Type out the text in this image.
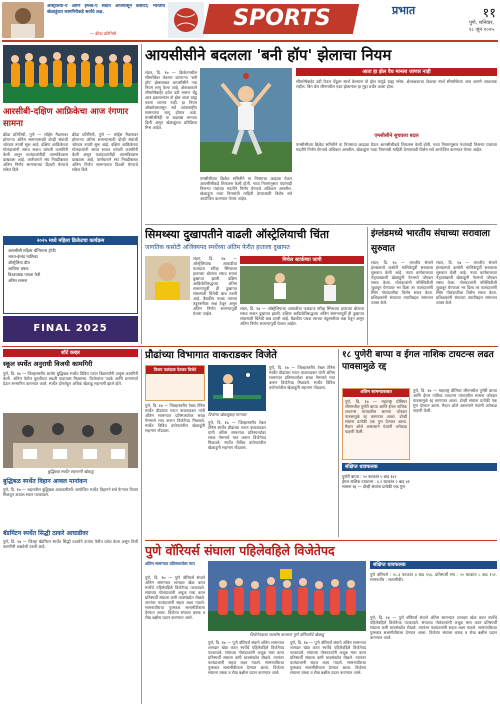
ऑस्ट्रेलिया-ए आणि इंग्लंड-ए संघांत आजपासून कसोटी; भारतीय खेळाडूंच्या कामगिरीकडे सर्वांचे लक्ष.
— क्रीडा प्रतिनिधी
SPORTS	प्रभात	११
पुणे, शनिवार,
१८ जून २०२५
आरसीबी-दक्षिण आफ्रिकेचा आज रंगणार सामना
क्रीडा प्रतिनिधी, पुणे — लॉर्ड्स मैदानावर होणाऱ्या अंतिम सामन्यासाठी दोन्ही संघांची जोरदार तयारी सुरू आहे. दक्षिण आफ्रिकेच्या गोलंदाजांनी सराव सत्रात चांगली कामगिरी केली असून फलंदाजांनीही आत्मविश्वास दाखवला आहे. कर्णधाराने संघ निवडीबाबत अंतिम निर्णय सामन्याच्या दिवशी घेण्याचे संकेत दिले.
क्रीडा प्रतिनिधी, पुणे — लॉर्ड्स मैदानावर होणाऱ्या अंतिम सामन्यासाठी दोन्ही संघांची जोरदार तयारी सुरू आहे. दक्षिण आफ्रिकेच्या गोलंदाजांनी सराव सत्रात चांगली कामगिरी केली असून फलंदाजांनीही आत्मविश्वास दाखवला आहे. कर्णधाराने संघ निवडीबाबत अंतिम निर्णय सामन्याच्या दिवशी घेण्याचे संकेत दिले.
२०२५ मध्ये महिला क्रिकेटचा कार्यक्रम
आयसीसी महिला चॅम्पियन्स ट्रॉफी
भारत-इंग्लंड मालिका
ऑस्ट्रेलिया दौरा
आशिया चषक
विश्वचषक पात्रता फेरी
अंतिम सामना
FINAL 2025
आयसीसीने बदलला 'बनी हॉप' झेलाचा नियम
लंडन, दि. १७ — क्रिकेटमधील सीमारेषेवर घेतल्या जाणाऱ्या 'बनी हॉप' झेलाबाबत आयसीसीने नवा नियम लागू केला आहे. क्षेत्ररक्षकाने सीमारेषेबाहेर हवेत उडी मारून चेंडू आत ढकलल्यास तो झेल आता ग्राह्य धरला जाणार नाही. हा नियम ऑक्टोबरपासून सर्व आंतरराष्ट्रीय सामन्यांना लागू होणार आहे. एमसीसीनेही या बदलास मान्यता दिली असून खेळाडूंच्या प्रतिक्रिया मिश्र आहेत.
आता हा झेल वैध मानला जाणार नाही
सीमारेषेबाहेर उडी घेऊन चेंडूला स्पर्श केल्यास तो झेल यापुढे ग्राह्य नसेल. क्षेत्ररक्षकाचा शेवटचा स्पर्श सीमारेषेच्या आत असणे आवश्यक राहील. बिग बॅश लीगमधील एका झेलानंतर हा मुद्दा चर्चेत आला होता.
एमसीसीने सुचवला बदल
एमसीसीच्या क्रिकेट समितीने या नियमाचा आढावा घेऊन आयसीसीकडे शिफारस केली होती. नव्या नियमांनुसार पंचांनाही तिसऱ्या पंचांच्या मदतीने निर्णय घेण्याचे अधिकार असतील. खेळाडूंना नव्या नियमांची माहिती देण्यासाठी विशेष सत्रे आयोजित करण्यात येणार आहेत.
एमसीसीच्या क्रिकेट समितीने या नियमाचा आढावा घेऊन आयसीसीकडे शिफारस केली होती. नव्या नियमांनुसार पंचांनाही तिसऱ्या पंचांच्या मदतीने निर्णय घेण्याचे अधिकार असतील. खेळाडूंना नव्या नियमांची माहिती देण्यासाठी विशेष सत्रे आयोजित करण्यात येणार आहेत.
सिमथ्स्या दुखापतीने वाढली ऑस्ट्रेलियाची चिंता
जागतिक कसोटी अजिंक्यपद स्पर्धेच्या अंतिम फेरीत हाताला दुखापत
लंडन, दि. १७ — ऑस्ट्रेलियाचा आघाडीचा फलंदाज स्टीव्ह स्मिथच्या हाताच्या बोटाला सराव सत्रात दुखापत झाली. दक्षिण आफ्रिकेविरुद्धच्या अंतिम सामन्यापूर्वी ही दुखापत संघासाठी चिंतेची बाब ठरली आहे. वैद्यकीय पथक त्याच्या तंदुरुस्तीवर लक्ष ठेवून असून अंतिम निर्णय सामन्यापूर्वी घेतला जाईल.
मिचेल स्टार्कच्या जागी
लंडन, दि. १७ — ऑस्ट्रेलियाचा आघाडीचा फलंदाज स्टीव्ह स्मिथच्या हाताच्या बोटाला सराव सत्रात दुखापत झाली. दक्षिण आफ्रिकेविरुद्धच्या अंतिम सामन्यापूर्वी ही दुखापत संघासाठी चिंतेची बाब ठरली आहे. वैद्यकीय पथक त्याच्या तंदुरुस्तीवर लक्ष ठेवून असून अंतिम निर्णय सामन्यापूर्वी घेतला जाईल.
इंग्लंडमध्ये भारतीय संघाच्या सरावाला सुरुवात
लंडन, दि. १७ — भारतीय संघाने इंग्लंडमध्ये कसोटी मालिकेपूर्वी सरावाला सुरुवात केली आहे. नव्या कर्णधाराच्या नेतृत्वाखाली खेळाडूंनी नेटमध्ये जोरदार सराव केला. गोलंदाजांनी परिस्थितीशी जुळवून घेण्यावर भर दिला तर फलंदाजांनी स्विंग गोलंदाजीचा विशेष सराव केला. प्रशिक्षकांनी संघाच्या तयारीबद्दल समाधान व्यक्त केले.
लंडन, दि. १७ — भारतीय संघाने इंग्लंडमध्ये कसोटी मालिकेपूर्वी सरावाला सुरुवात केली आहे. नव्या कर्णधाराच्या नेतृत्वाखाली खेळाडूंनी नेटमध्ये जोरदार सराव केला. गोलंदाजांनी परिस्थितीशी जुळवून घेण्यावर भर दिला तर फलंदाजांनी स्विंग गोलंदाजीचा विशेष सराव केला. प्रशिक्षकांनी संघाच्या तयारीबद्दल समाधान व्यक्त केले.
शॉर्ट कव्हर
स्कूल स्पर्धेत अनुराधी विजयी कामगिरी
पुणे, दि. १७ — जिल्हास्तरीय शालेय बुद्धिबळ स्पर्धेत विविध गटांत विद्यार्थ्यांनी उत्कृष्ट कामगिरी केली. अंतिम फेरीत चुरशीच्या लढती पाहायला मिळाल्या. विजेत्यांना पदके आणि प्रमाणपत्रे देऊन सन्मानित करण्यात आले. स्पर्धेत दोनशेहून अधिक खेळाडू सहभागी झाले होते.
बुद्धिबळ स्पर्धेत सहभागी खेळाडू
बुद्धिबळ स्पर्धेत विहान अव्वल मानांकन
पुणे, दि. १७ — शहरातील बुद्धिबळ अकादमीतर्फे आयोजित स्पर्धेत विहानने सर्व फेऱ्यांत विजय मिळवून अव्वल स्थान पटकावले.
बॅडमिंटन स्पर्धेत सिद्धी ठाकरे आघाडीवर
पुणे, दि. १७ — जिल्हा बॅडमिंटन स्पर्धेत सिद्धी ठाकरेने उपांत्य फेरीत प्रवेश केला असून तिची कामगिरी लक्षवेधी ठरली आहे.
प्रौढांच्या विभागात वाकराडकर विजेते
विजय फलंदाज पेठकर विजेते
पुणे, दि. १७ — जिल्हास्तरीय टेबल टेनिस स्पर्धेत प्रौढांच्या गटात वाकराडकर यांनी अंतिम सामन्यात प्रतिस्पर्ध्यावर सरळ गेममध्ये मात करून विजेतेपद मिळवले. स्पर्धेत विविध वयोगटांतील खेळाडूंनी सहभाग नोंदवला.
विजेत्या खेळाडूंसह मान्यवर
पुणे, दि. १७ — जिल्हास्तरीय टेबल टेनिस स्पर्धेत प्रौढांच्या गटात वाकराडकर यांनी अंतिम सामन्यात प्रतिस्पर्ध्यावर सरळ गेममध्ये मात करून विजेतेपद मिळवले. स्पर्धेत विविध वयोगटांतील खेळाडूंनी सहभाग नोंदवला.
पुणे, दि. १७ — जिल्हास्तरीय टेबल टेनिस स्पर्धेत प्रौढांच्या गटात वाकराडकर यांनी अंतिम सामन्यात प्रतिस्पर्ध्यावर सरळ गेममध्ये मात करून विजेतेपद मिळवले. स्पर्धेत विविध वयोगटांतील खेळाडूंनी सहभाग नोंदवला.
१८ पुणेरी बाप्पा व ईगल नाशिक टायटन्स लढत पावसामुळे रद्द
अंतिम सामन्याबाबत
पुणे, दि. १७ — महाराष्ट्र प्रीमियर लीगमधील पुणेरी बाप्पा आणि ईगल नाशिक टायटन्स यांच्यातील सामना जोरदार पावसामुळे रद्द करण्यात आला. दोन्ही संघांना प्रत्येकी एक गुण देण्यात आला. मैदान ओले असल्याने पंचांनी अनेकदा पाहणी केली.
पुणे, दि. १७ — महाराष्ट्र प्रीमियर लीगमधील पुणेरी बाप्पा आणि ईगल नाशिक टायटन्स यांच्यातील सामना जोरदार पावसामुळे रद्द करण्यात आला. दोन्ही संघांना प्रत्येकी एक गुण देण्यात आला. मैदान ओले असल्याने पंचांनी अनेकदा पाहणी केली.
संक्षिप्त धावफलक
पुणेरी बाप्पा : २० षटकांत ५ बाद १४२
ईगल नाशिक टायटन्स : ६.२ षटकांत २ बाद ४१
सामना रद्द — दोन्ही संघांना प्रत्येकी एक गुण
पुणे वॉरियर्स संघाला पहिलेवहिले विजेतेपद
अंतिम सामन्यात प्रतिस्पर्ध्यावर मात
पुणे, दि. १७ — पुणे वॉरियर्स संघाने अंतिम सामन्यात शानदार खेळ करत स्पर्धेचे पहिलेवहिले विजेतेपद पटकावले. संघाच्या गोलंदाजांनी अचूक मारा करत प्रतिस्पर्धी संघाला कमी धावसंख्येत रोखले. त्यानंतर फलंदाजांनी सहज लक्ष्य गाठले. सामनावीराचा पुरस्कार सलामीवीराला देण्यात आला. विजेत्या संघाला चषक व रोख बक्षीस प्रदान करण्यात आले.
विजेतेपदाचा जल्लोष करताना पुणे वॉरियर्सचे खेळाडू
पुणे, दि. १७ — पुणे वॉरियर्स संघाने अंतिम सामन्यात शानदार खेळ करत स्पर्धेचे पहिलेवहिले विजेतेपद पटकावले. संघाच्या गोलंदाजांनी अचूक मारा करत प्रतिस्पर्धी संघाला कमी धावसंख्येत रोखले. त्यानंतर फलंदाजांनी सहज लक्ष्य गाठले. सामनावीराचा पुरस्कार सलामीवीराला देण्यात आला. विजेत्या संघाला चषक व रोख बक्षीस प्रदान करण्यात आले.
पुणे, दि. १७ — पुणे वॉरियर्स संघाने अंतिम सामन्यात शानदार खेळ करत स्पर्धेचे पहिलेवहिले विजेतेपद पटकावले. संघाच्या गोलंदाजांनी अचूक मारा करत प्रतिस्पर्धी संघाला कमी धावसंख्येत रोखले. त्यानंतर फलंदाजांनी सहज लक्ष्य गाठले. सामनावीराचा पुरस्कार सलामीवीराला देण्यात आला. विजेत्या संघाला चषक व रोख बक्षीस प्रदान करण्यात आले.
संक्षिप्त धावफलक
पुणे वॉरियर्स : १८.३ षटकांत ३ बाद १५६. प्रतिस्पर्धी संघ : २० षटकांत ८ बाद १५२. सामनावीर : सलामीवीर.
पुणे, दि. १७ — पुणे वॉरियर्स संघाने अंतिम सामन्यात शानदार खेळ करत स्पर्धेचे पहिलेवहिले विजेतेपद पटकावले. संघाच्या गोलंदाजांनी अचूक मारा करत प्रतिस्पर्धी संघाला कमी धावसंख्येत रोखले. त्यानंतर फलंदाजांनी सहज लक्ष्य गाठले. सामनावीराचा पुरस्कार सलामीवीराला देण्यात आला. विजेत्या संघाला चषक व रोख बक्षीस प्रदान करण्यात आले.
